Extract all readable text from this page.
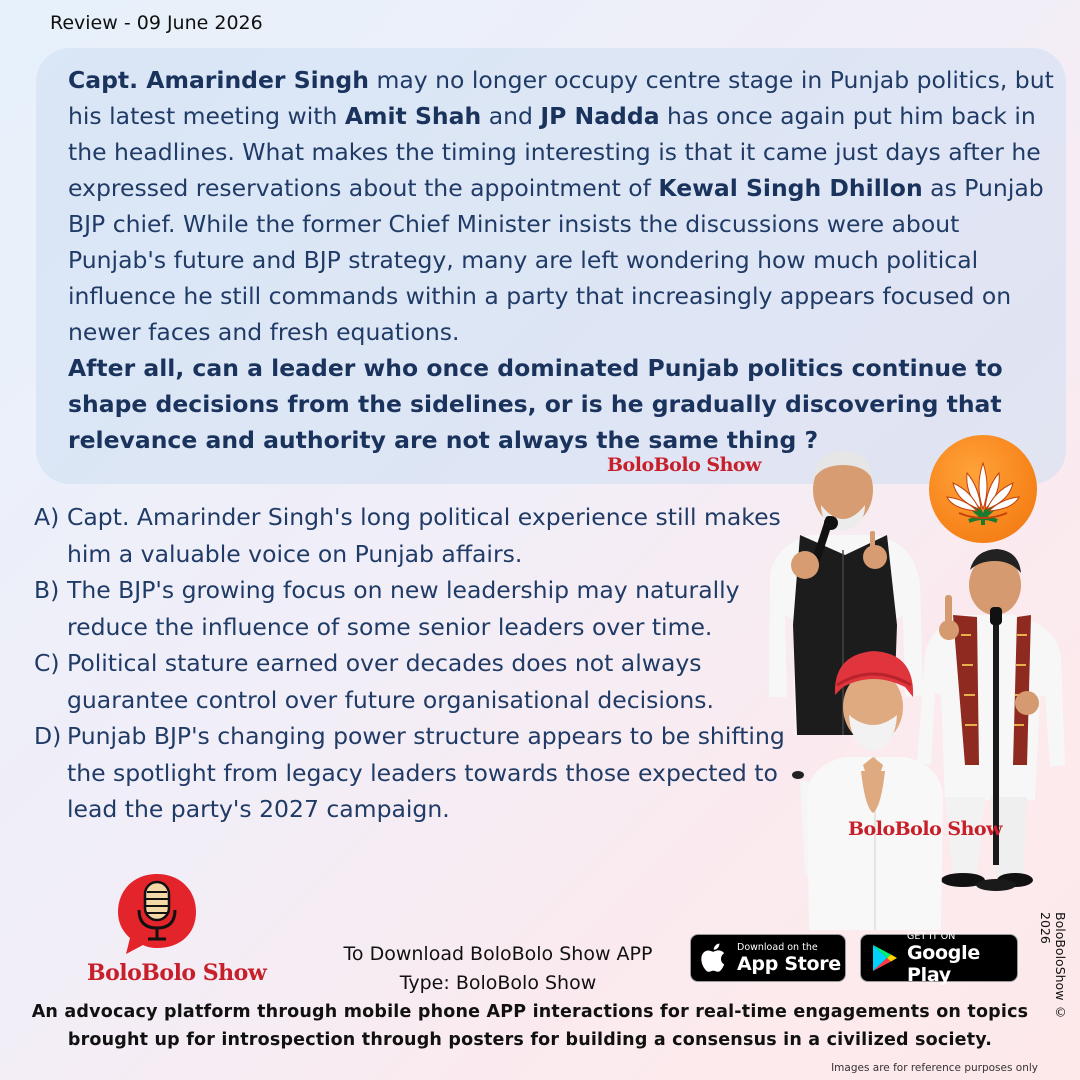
Review - 09 June 2026
Capt. Amarinder Singh may no longer occupy centre stage in Punjab politics, but his latest meeting with Amit Shah and JP Nadda has once again put him back in the headlines. What makes the timing interesting is that it came just days after he expressed reservations about the appointment of Kewal Singh Dhillon as Punjab BJP chief. While the former Chief Minister insists the discussions were about Punjab's future and BJP strategy, many are left wondering how much political influence he still commands within a party that increasingly appears focused on newer faces and fresh equations.
After all, can a leader who once dominated Punjab politics continue to shape decisions from the sidelines, or is he gradually discovering that relevance and authority are not always the same thing ?
BoloBolo Show
A) Capt. Amarinder Singh's long political experience still makes him a valuable voice on Punjab affairs.
B) The BJP's growing focus on new leadership may naturally reduce the influence of some senior leaders over time.
C) Political stature earned over decades does not always guarantee control over future organisational decisions.
D) Punjab BJP's changing power structure appears to be shifting the spotlight from legacy leaders towards those expected to lead the party's 2027 campaign.
BoloBolo Show
BoloBolo Show
To Download BoloBolo Show APP
Type: BoloBolo Show
Download on the
App Store
GET IT ON
Google Play
An advocacy platform through mobile phone APP interactions for real-time engagements on topics brought up for introspection through posters for building a consensus in a civilized society.
BoloBoloShow © 2026
Images are for reference purposes only
